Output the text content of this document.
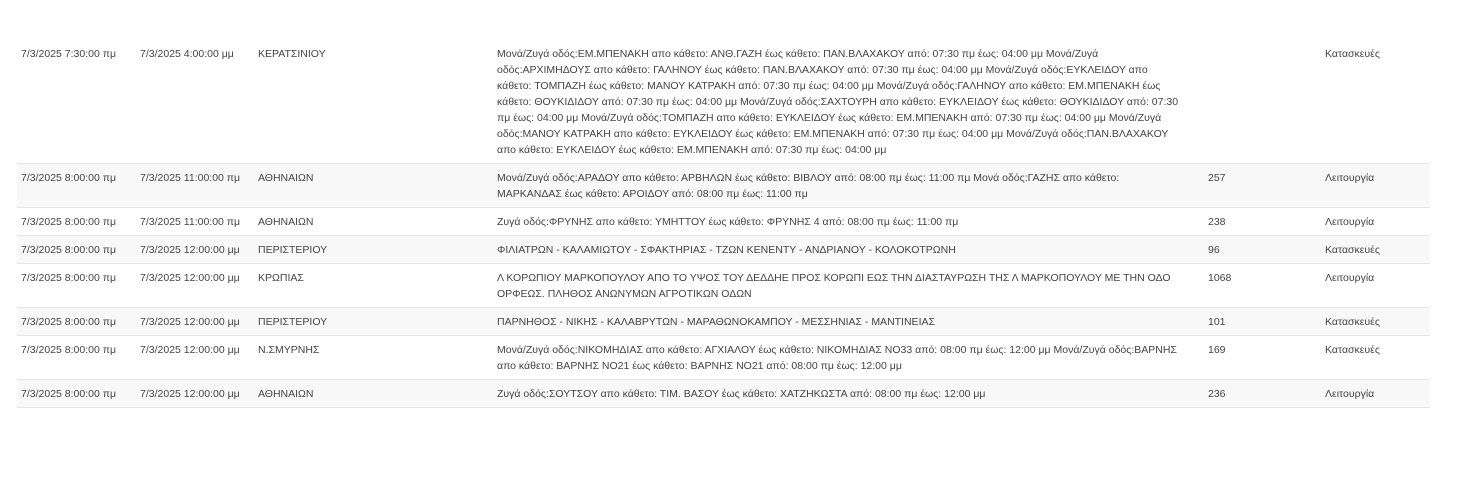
7/3/2025 7:30:00 πμ	7/3/2025 4:00:00 μμ	ΚΕΡΑΤΣΙΝΙΟΥ	Μονά/Ζυγά οδός:ΕΜ.ΜΠΕΝΑΚΗ απο κάθετο: ΑΝΘ.ΓΑΖΗ έως κάθετο: ΠΑΝ.ΒΛΑΧΑΚΟΥ από: 07:30 πμ έως: 04:00 μμ Μονά/Ζυγά οδός:ΑΡΧΙΜΗΔΟΥΣ απο κάθετο: ΓΑΛΗΝΟΥ έως κάθετο: ΠΑΝ.ΒΛΑΧΑΚΟΥ από: 07:30 πμ έως: 04:00 μμ Μονά/Ζυγά οδός:ΕΥΚΛΕΙΔΟΥ απο κάθετο: ΤΟΜΠΑΖΗ έως κάθετο: ΜΑΝΟΥ ΚΑΤΡΑΚΗ από: 07:30 πμ έως: 04:00 μμ Μονά/Ζυγά οδός:ΓΑΛΗΝΟΥ απο κάθετο: ΕΜ.ΜΠΕΝΑΚΗ έως κάθετο: ΘΟΥΚΙΔΙΔΟΥ από: 07:30 πμ έως: 04:00 μμ Μονά/Ζυγά οδός:ΣΑΧΤΟΥΡΗ απο κάθετο: ΕΥΚΛΕΙΔΟΥ έως κάθετο: ΘΟΥΚΙΔΙΔΟΥ από: 07:30 πμ έως: 04:00 μμ Μονά/Ζυγά οδός:ΤΟΜΠΑΖΗ απο κάθετο: ΕΥΚΛΕΙΔΟΥ έως κάθετο: ΕΜ.ΜΠΕΝΑΚΗ από: 07:30 πμ έως: 04:00 μμ Μονά/Ζυγά οδός:ΜΑΝΟΥ ΚΑΤΡΑΚΗ απο κάθετο: ΕΥΚΛΕΙΔΟΥ έως κάθετο: ΕΜ.ΜΠΕΝΑΚΗ από: 07:30 πμ έως: 04:00 μμ Μονά/Ζυγά οδός:ΠΑΝ.ΒΛΑΧΑΚΟΥ απο κάθετο: ΕΥΚΛΕΙΔΟΥ έως κάθετο: ΕΜ.ΜΠΕΝΑΚΗ από: 07:30 πμ έως: 04:00 μμ		Κατασκευές
7/3/2025 8:00:00 πμ	7/3/2025 11:00:00 πμ	ΑΘΗΝΑΙΩΝ	Μονά/Ζυγά οδός:ΑΡΑΔΟΥ απο κάθετο: ΑΡΒΗΛΩΝ έως κάθετο: ΒΙΒΛΟΥ από: 08:00 πμ έως: 11:00 πμ Μονά οδός:ΓΑΖΗΣ απο κάθετο: ΜΑΡΚΑΝΔΑΣ έως κάθετο: ΑΡΟΙΔΟΥ από: 08:00 πμ έως: 11:00 πμ	257	Λειτουργία
7/3/2025 8:00:00 πμ	7/3/2025 11:00:00 πμ	ΑΘΗΝΑΙΩΝ	Ζυγά οδός:ΦΡΥΝΗΣ απο κάθετο: ΥΜΗΤΤΟΥ έως κάθετο: ΦΡΥΝΗΣ 4 από: 08:00 πμ έως: 11:00 πμ	238	Λειτουργία
7/3/2025 8:00:00 πμ	7/3/2025 12:00:00 μμ	ΠΕΡΙΣΤΕΡΙΟΥ	ΦΙΛΙΑΤΡΩΝ - ΚΑΛΑΜΙΩΤΟΥ - ΣΦΑΚΤΗΡΙΑΣ - ΤΖΩΝ ΚΕΝΕΝΤΥ - ΑΝΔΡΙΑΝΟΥ - ΚΟΛΟΚΟΤΡΩΝΗ	96	Κατασκευές
7/3/2025 8:00:00 πμ	7/3/2025 12:00:00 μμ	ΚΡΩΠΙΑΣ	Λ ΚΟΡΩΠΙΟΥ ΜΑΡΚΟΠΟΥΛΟΥ ΑΠΟ ΤΟ ΥΨΟΣ ΤΟΥ ΔΕΔΔΗΕ ΠΡΟΣ ΚΟΡΩΠΙ ΕΩΣ ΤΗΝ ΔΙΑΣΤΑΥΡΩΣΗ ΤΗΣ Λ ΜΑΡΚΟΠΟΥΛΟΥ ΜΕ ΤΗΝ ΟΔΟ ΟΡΦΕΩΣ. ΠΛΗΘΟΣ ΑΝΩΝΥΜΩΝ ΑΓΡΟΤΙΚΩΝ ΟΔΩΝ	1068	Λειτουργία
7/3/2025 8:00:00 πμ	7/3/2025 12:00:00 μμ	ΠΕΡΙΣΤΕΡΙΟΥ	ΠΑΡΝΗΘΟΣ - ΝΙΚΗΣ - ΚΑΛΑΒΡΥΤΩΝ - ΜΑΡΑΘΩΝΟΚΑΜΠΟΥ - ΜΕΣΣΗΝΙΑΣ - ΜΑΝΤΙΝΕΙΑΣ	101	Κατασκευές
7/3/2025 8:00:00 πμ	7/3/2025 12:00:00 μμ	Ν.ΣΜΥΡΝΗΣ	Μονά/Ζυγά οδός:ΝΙΚΟΜΗΔΙΑΣ απο κάθετο: ΑΓΧΙΑΛΟΥ έως κάθετο: ΝΙΚΟΜΗΔΙΑΣ ΝΟ33 από: 08:00 πμ έως: 12:00 μμ Μονά/Ζυγά οδός:ΒΑΡΝΗΣ απο κάθετο: ΒΑΡΝΗΣ ΝΟ21 έως κάθετο: ΒΑΡΝΗΣ ΝΟ21 από: 08:00 πμ έως: 12:00 μμ	169	Κατασκευές
7/3/2025 8:00:00 πμ	7/3/2025 12:00:00 μμ	ΑΘΗΝΑΙΩΝ	Ζυγά οδός:ΣΟΥΤΣΟΥ απο κάθετο: ΤΙΜ. ΒΑΣΟΥ έως κάθετο: ΧΑΤΖΗΚΩΣΤΑ από: 08:00 πμ έως: 12:00 μμ	236	Λειτουργία
